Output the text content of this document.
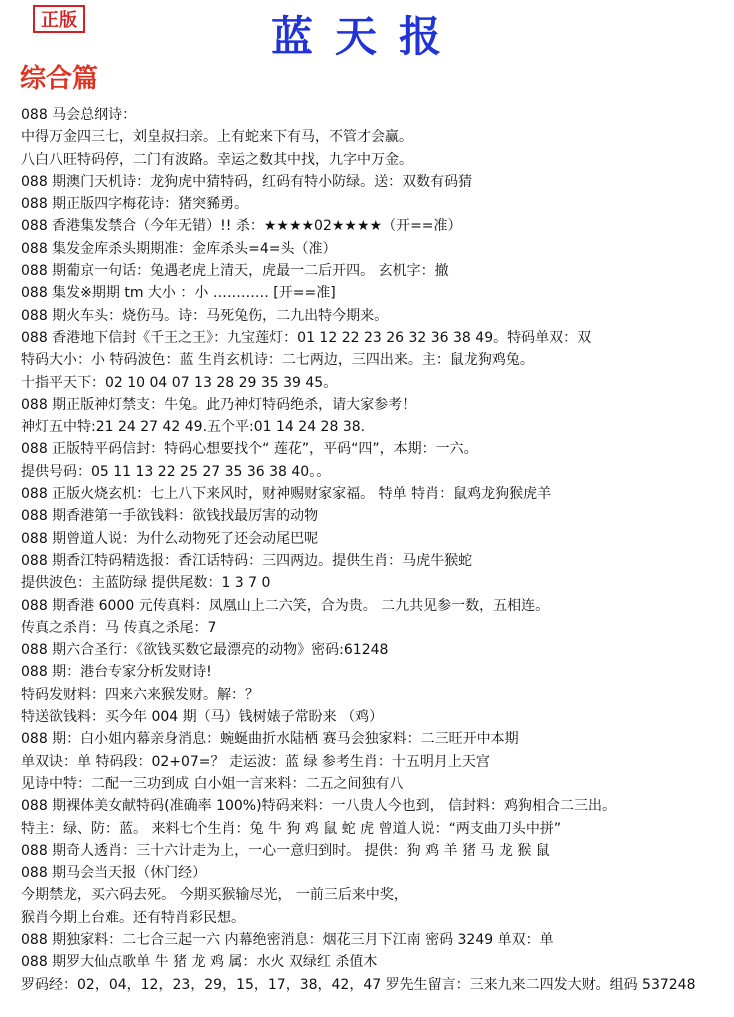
正版	蓝天报
综合篇
088 马会总纲诗：
中得万金四三七，刘皇叔扫亲。上有蛇来下有马，不管才会赢。
八白八旺特码停，二门有波路。幸运之数其中找，九字中万金。
088 期澳门天机诗：龙狗虎中猜特码，红码有特小防绿。送：双数有码猜
088 期正版四字梅花诗：猪突豨勇。
088 香港集发禁合（今年无错）!! 杀：★★★★02★★★★（开==准）
088 集发金库杀头期期准：金库杀头=4=头（准）
088 期葡京一句话：兔遇老虎上清天，虎最一二后开四。 玄机字：撤
088 集发※期期 tm 大小 ：小 ………… [开==准]
088 期火车头：烧伤马。诗：马死兔伤，二九出特今期来。
088 香港地下信封《千王之王》：九宝莲灯：01 12 22 23 26 32 36 38 49。特码单双：双
特码大小：小 特码波色：蓝 生肖玄机诗：二七两边，三四出来。主：鼠龙狗鸡兔。
十指平天下：02 10 04 07 13 28 29 35 39 45。
088 期正版神灯禁支：牛兔。此乃神灯特码绝杀，请大家参考！
神灯五中特:21 24 27 42 49.五个平:01 14 24 28 38.
088 正版特平码信封：特码心想要找个“ 莲花”，平码“四”，本期：一六。
提供号码：05 11 13 22 25 27 35 36 38 40。。
088 正版火烧玄机：七上八下来风时，财神赐财家家福。 特单 特肖：鼠鸡龙狗猴虎羊
088 期香港第一手欲钱料：欲钱找最厉害的动物
088 期曾道人说：为什么动物死了还会动尾巴呢
088 期香江特码精选报：香江话特码：三四两边。提供生肖：马虎牛猴蛇
提供波色：主蓝防绿 提供尾数：1 3 7 0
088 期香港 6000 元传真料：凤凰山上二六笑，合为贵。 二九共见参一数，五相连。
传真之杀肖：马 传真之杀尾：7
088 期六合圣行：《欲钱买数它最漂亮的动物》密码:61248
088 期：港台专家分析发财诗!
特码发财料：四来六来猴发财。解：？
特送欲钱料：买今年 004 期（马）钱树婊子常盼来 （鸡）
088 期：白小姐内幕亲身消息：蜿蜒曲折水陆栖 赛马会独家料：二三旺开中本期
单双诀：单 特码段：02+07=？ 走运波：蓝 绿 参考生肖：十五明月上天宫
见诗中特：二配一三功到成 白小姐一言来料：二五之间独有八
088 期裸体美女献特码(准确率 100%)特码来料：一八贵人今也到， 信封料：鸡狗相合二三出。
特主：绿、防：蓝。 来料七个生肖：兔 牛 狗 鸡 鼠 蛇 虎 曾道人说：“两支曲刀头中拼”
088 期奇人透肖：三十六计走为上，一心一意归到时。 提供：狗 鸡 羊 猪 马 龙 猴 鼠
088 期马会当天报（休门经）
今期禁龙，买六码去死。 今期买猴输尽光， 一前三后来中奖，
猴肖今期上台难。还有特肖彩民想。
088 期独家料：二七合三起一六 内幕绝密消息：烟花三月下江南 密码 3249 单双：单
088 期罗大仙点歌单 牛 猪 龙 鸡 属：水火 双绿红 杀值木
罗码经：02，04，12，23，29，15，17，38，42，47 罗先生留言：三来九来二四发大财。组码 537248
